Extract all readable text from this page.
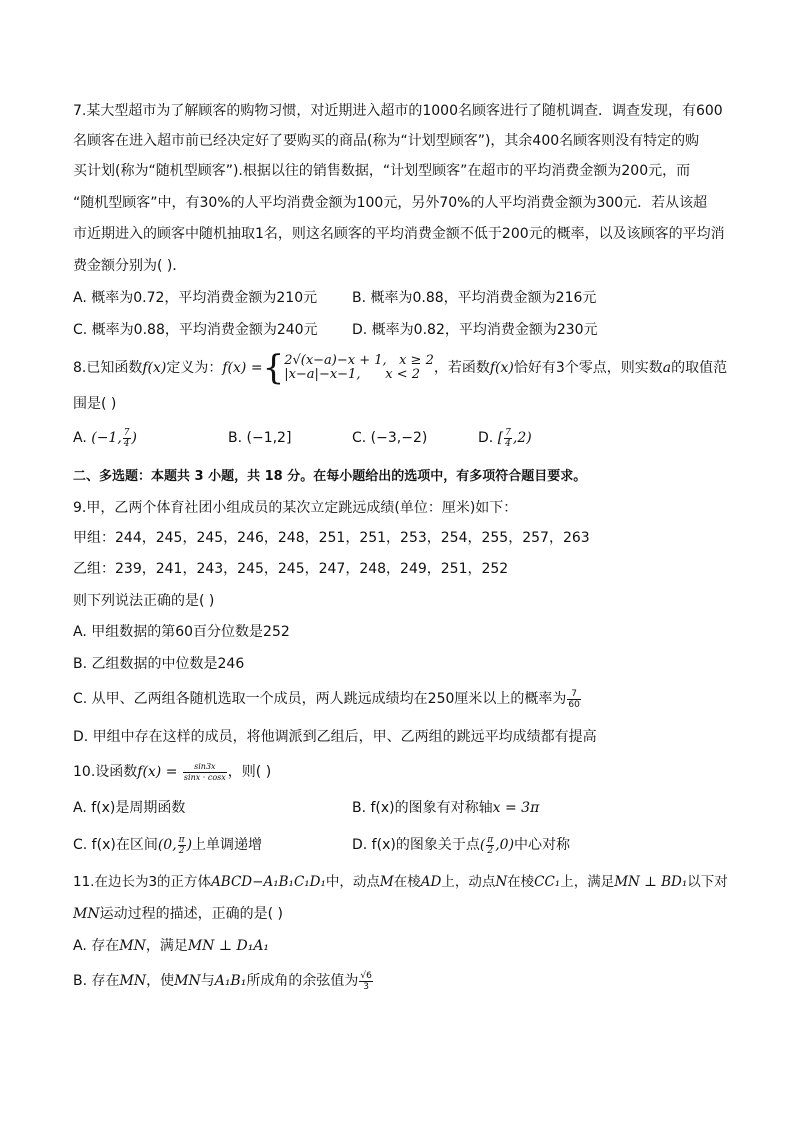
7.某大型超市为了解顾客的购物习惯，对近期进入超市的1000名顾客进行了随机调查．调查发现，有600
名顾客在进入超市前已经决定好了要购买的商品(称为“计划型顾客”)，其余400名顾客则没有特定的购
买计划(称为“随机型顾客”).根据以往的销售数据，“计划型顾客”在超市的平均消费金额为200元，而
“随机型顾客”中，有30%的人平均消费金额为100元，另外70%的人平均消费金额为300元．若从该超
市近期进入的顾客中随机抽取1名，则这名顾客的平均消费金额不低于200元的概率，以及该顾客的平均消
费金额分别为( )．
A. 概率为0.72，平均消费金额为210元 B. 概率为0.88，平均消费金额为216元
C. 概率为0.88，平均消费金额为240元 D. 概率为0.82，平均消费金额为230元
8.已知函数 f(x) 定义为： f(x) = { 2√(x−a)−x + 1, x ≥ 2
|x−a|−x−1, x < 2 ，若函数 f(x) 恰好有3个零点，则实数 a 的取值范
围是( )
A.
(−1, $\frac{7}{4}$ )	B. (−1,2]	C. (−3,−2)	D.
[ $\frac{7}{4} ,2$)
二、多选题：本题共 3 小题，共 18 分。在每小题给出的选项中，有多项符合题目要求。
9.甲，乙两个体育社团小组成员的某次立定跳远成绩(单位：厘米)如下：
甲组：244，245，245，246，248，251，251，253，254，255，257，263
乙组：239，241，243，245，245，247，248，249，251，252
则下列说法正确的是( )
A. 甲组数据的第60百分位数是252
B. 乙组数据的中位数是246
C. 从甲、乙两组各随机选取一个成员，两人跳远成绩均在250厘米以上的概率为 $\frac{7}{60}$
D. 甲组中存在这样的成员，将他调派到乙组后，甲、乙两组的跳远平均成绩都有提高
10.设函数 f(x) =
$\frac{\sin 3x}{\sin x \cdot \cos x}$ ，则( )
A. f(x)是周期函数	B. f(x)的图象有对称轴x = 3π
C. f(x)在区间 (0, $\frac{\pi}{2}$ ) 上单调递增	D. f(x)的图象关于点 ( $\frac{\pi}{2} ,0$) 中心对称
11.在边长为3的正方体ABCD−A₁B₁C₁D₁中，动点M在棱AD上，动点N在棱CC₁上，满足MN ⊥ BD₁以下对
MN运动过程的描述，正确的是( )
A. 存在MN，满足MN ⊥ D₁A₁
B. 存在 MN ，使 MN 与 A₁B₁ 所成角的余弦值为 $\frac{√6}{3}$
